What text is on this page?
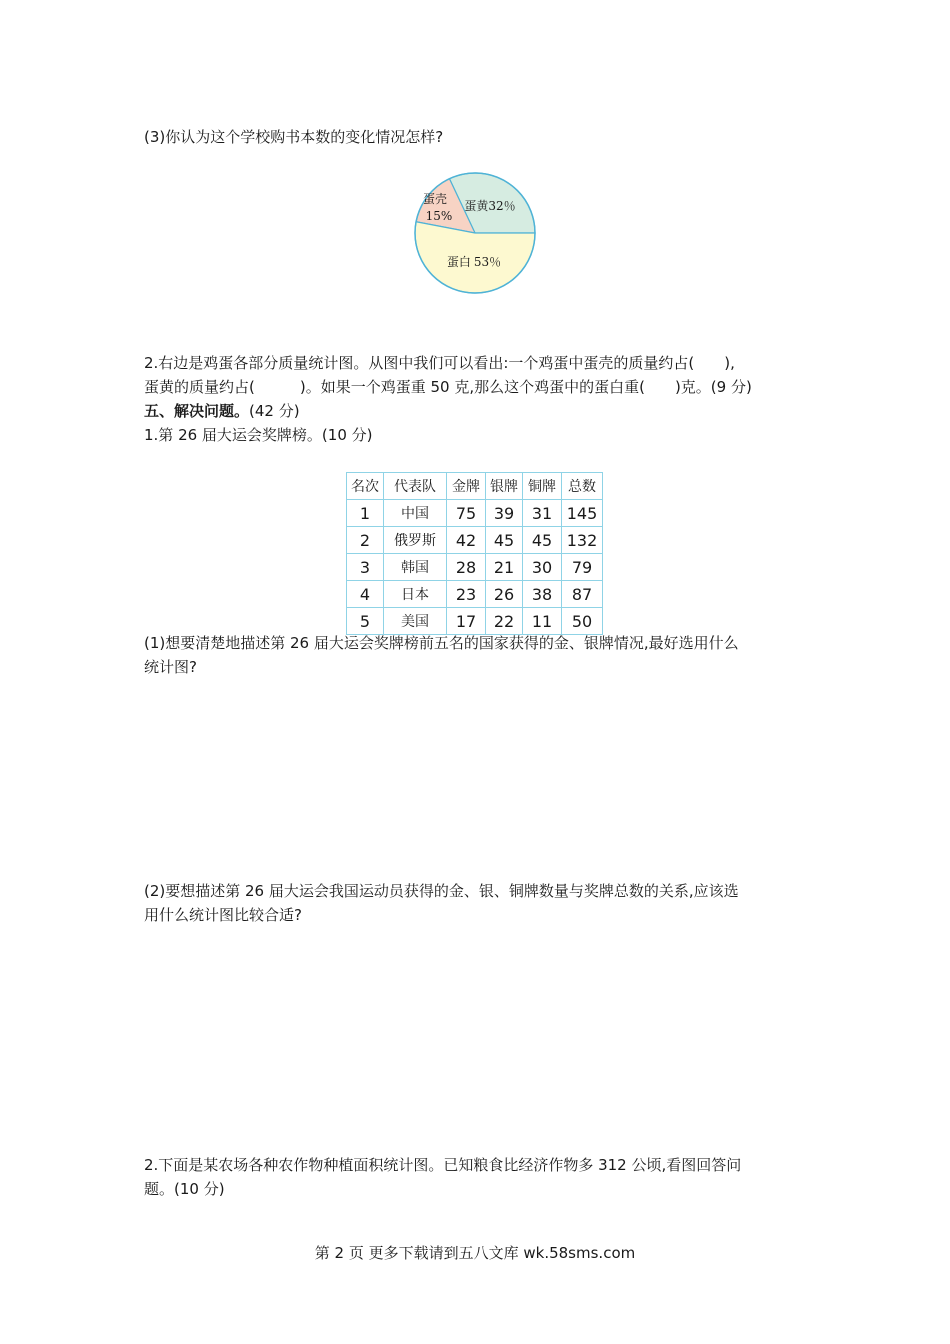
(3)你认为这个学校购书本数的变化情况怎样?
蛋黄32％
蛋白 53％
蛋壳
15%
2.右边是鸡蛋各部分质量统计图。从图中我们可以看出:一个鸡蛋中蛋壳的质量约占(　　),
蛋黄的质量约占(　　　)。如果一个鸡蛋重 50 克,那么这个鸡蛋中的蛋白重(　　)克。(9 分)
五、解决问题。(42 分)
1.第 26 届大运会奖牌榜。(10 分)
名次	代表队	金牌	银牌	铜牌	总数
1	中国	75	39	31	145
2	俄罗斯	42	45	45	132
3	韩国	28	21	30	79
4	日本	23	26	38	87
5	美国	17	22	11	50
(1)想要清楚地描述第 26 届大运会奖牌榜前五名的国家获得的金、银牌情况,最好选用什么
统计图?
(2)要想描述第 26 届大运会我国运动员获得的金、银、铜牌数量与奖牌总数的关系,应该选
用什么统计图比较合适?
2.下面是某农场各种农作物种植面积统计图。已知粮食比经济作物多 312 公顷,看图回答问
题。(10 分)
第 2 页 更多下载请到五八文库 wk.58sms.com
